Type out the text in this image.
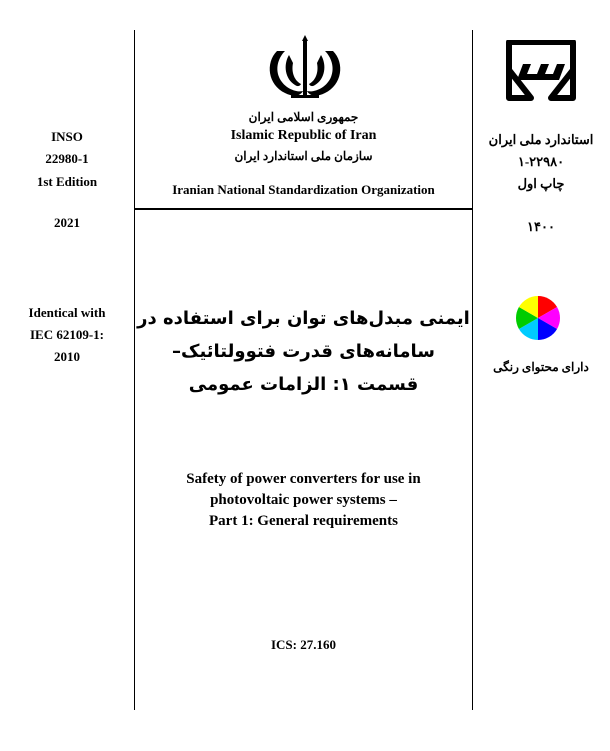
INSO
22980-1
1st Edition
2021
Identical with
IEC 62109-1:
2010
جمهوری اسلامی ایران
Islamic Republic of Iran
سازمان ملی استاندارد ایران
Iranian National Standardization Organization
استاندارد ملی ایران
۱-۲۲۹۸۰
چاپ اول
۱۴۰۰
دارای محتوای رنگی
ایمنی مبدل‌های توان برای استفاده در
سامانه‌های قدرت فتوولتائیک–
قسمت ۱: الزامات عمومی
Safety of power converters for use in
photovoltaic power systems –
Part 1: General requirements
ICS: 27.160
